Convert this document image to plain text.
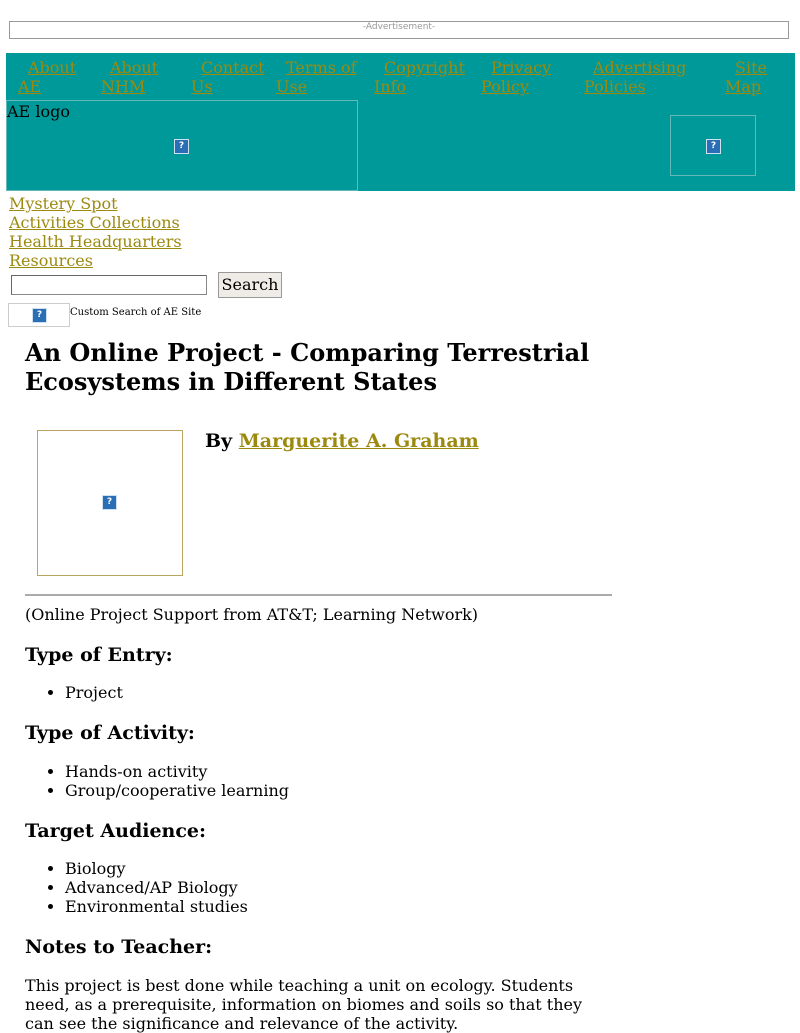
-Advertisement-
About
AE
About
NHM
Contact
Us
Terms of
Use
Copyright
Info
Privacy
Policy
Advertising
Policies
Site
Map
AE logo
?	?
Mystery Spot
Activities Collections
Health Headquarters
Resources
Search
?	Custom Search of AE Site
An Online Project - Comparing Terrestrial Ecosystems in Different States
?
By Marguerite A. Graham
(Online Project Support from AT&T; Learning Network)
Type of Entry:
• Project
Type of Activity:
• Hands-on activity
• Group/cooperative learning
Target Audience:
• Biology
• Advanced/AP Biology
• Environmental studies
Notes to Teacher:

This project is best done while teaching a unit on ecology. Students need, as a prerequisite, information on biomes and soils so that they can see the significance and relevance of the activity.
